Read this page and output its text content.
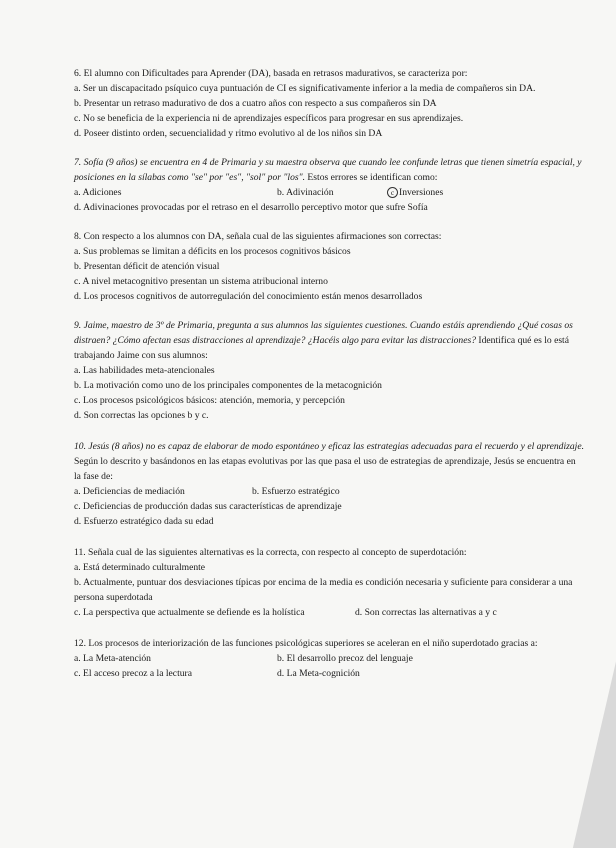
6. El alumno con Dificultades para Aprender (DA), basada en retrasos madurativos, se caracteriza por:

a. Ser un discapacitado psíquico cuya puntuación de CI es significativamente inferior a la media de compañeros sin DA.

b. Presentar un retraso madurativo de dos a cuatro años con respecto a sus compañeros sin DA

c. No se beneficia de la experiencia ni de aprendizajes específicos para progresar en sus aprendizajes.

d. Poseer distinto orden, secuencialidad y ritmo evolutivo al de los niños sin DA

7. Sofía (9 años) se encuentra en 4 de Primaria y su maestra observa que cuando lee confunde letras que tienen simetría espacial, y posiciones en la sílabas como "se" por "es", "sol" por "los". Estos errores se identifican como:

a. Adiciones	b. Adivinación	c Inversiones

d. Adivinaciones provocadas por el retraso en el desarrollo perceptivo motor que sufre Sofía

8. Con respecto a los alumnos con DA, señala cual de las siguientes afirmaciones son correctas:

a. Sus problemas se limitan a déficits en los procesos cognitivos básicos

b. Presentan déficit de atención visual

c. A nivel metacognitivo presentan un sistema atribucional interno

d. Los procesos cognitivos de autorregulación del conocimiento están menos desarrollados

9. Jaime, maestro de 3º de Primaria, pregunta a sus alumnos las siguientes cuestiones. Cuando estáis aprendiendo ¿Qué cosas os distraen? ¿Cómo afectan esas distracciones al aprendizaje? ¿Hacéis algo para evitar las distracciones? Identifica qué es lo está trabajando Jaime con sus alumnos:

a. Las habilidades meta-atencionales

b. La motivación como uno de los principales componentes de la metacognición

c. Los procesos psicológicos básicos: atención, memoria, y percepción

d. Son correctas las opciones b y c.

10. Jesús (8 años) no es capaz de elaborar de modo espontáneo y eficaz las estrategias adecuadas para el recuerdo y el aprendizaje. Según lo descrito y basándonos en las etapas evolutivas por las que pasa el uso de estrategias de aprendizaje, Jesús se encuentra en la fase de:

a. Deficiencias de mediación	b. Esfuerzo estratégico

c. Deficiencias de producción dadas sus características de aprendizaje

d. Esfuerzo estratégico dada su edad

11. Señala cual de las siguientes alternativas es la correcta, con respecto al concepto de superdotación:

a. Está determinado culturalmente

b. Actualmente, puntuar dos desviaciones típicas por encima de la media es condición necesaria y suficiente para considerar a una persona superdotada

c. La perspectiva que actualmente se defiende es la holística	d. Son correctas las alternativas a y c

12. Los procesos de interiorización de las funciones psicológicas superiores se aceleran en el niño superdotado gracias a:

a. La Meta-atención	b. El desarrollo precoz del lenguaje
c. El acceso precoz a la lectura	d. La Meta-cognición
